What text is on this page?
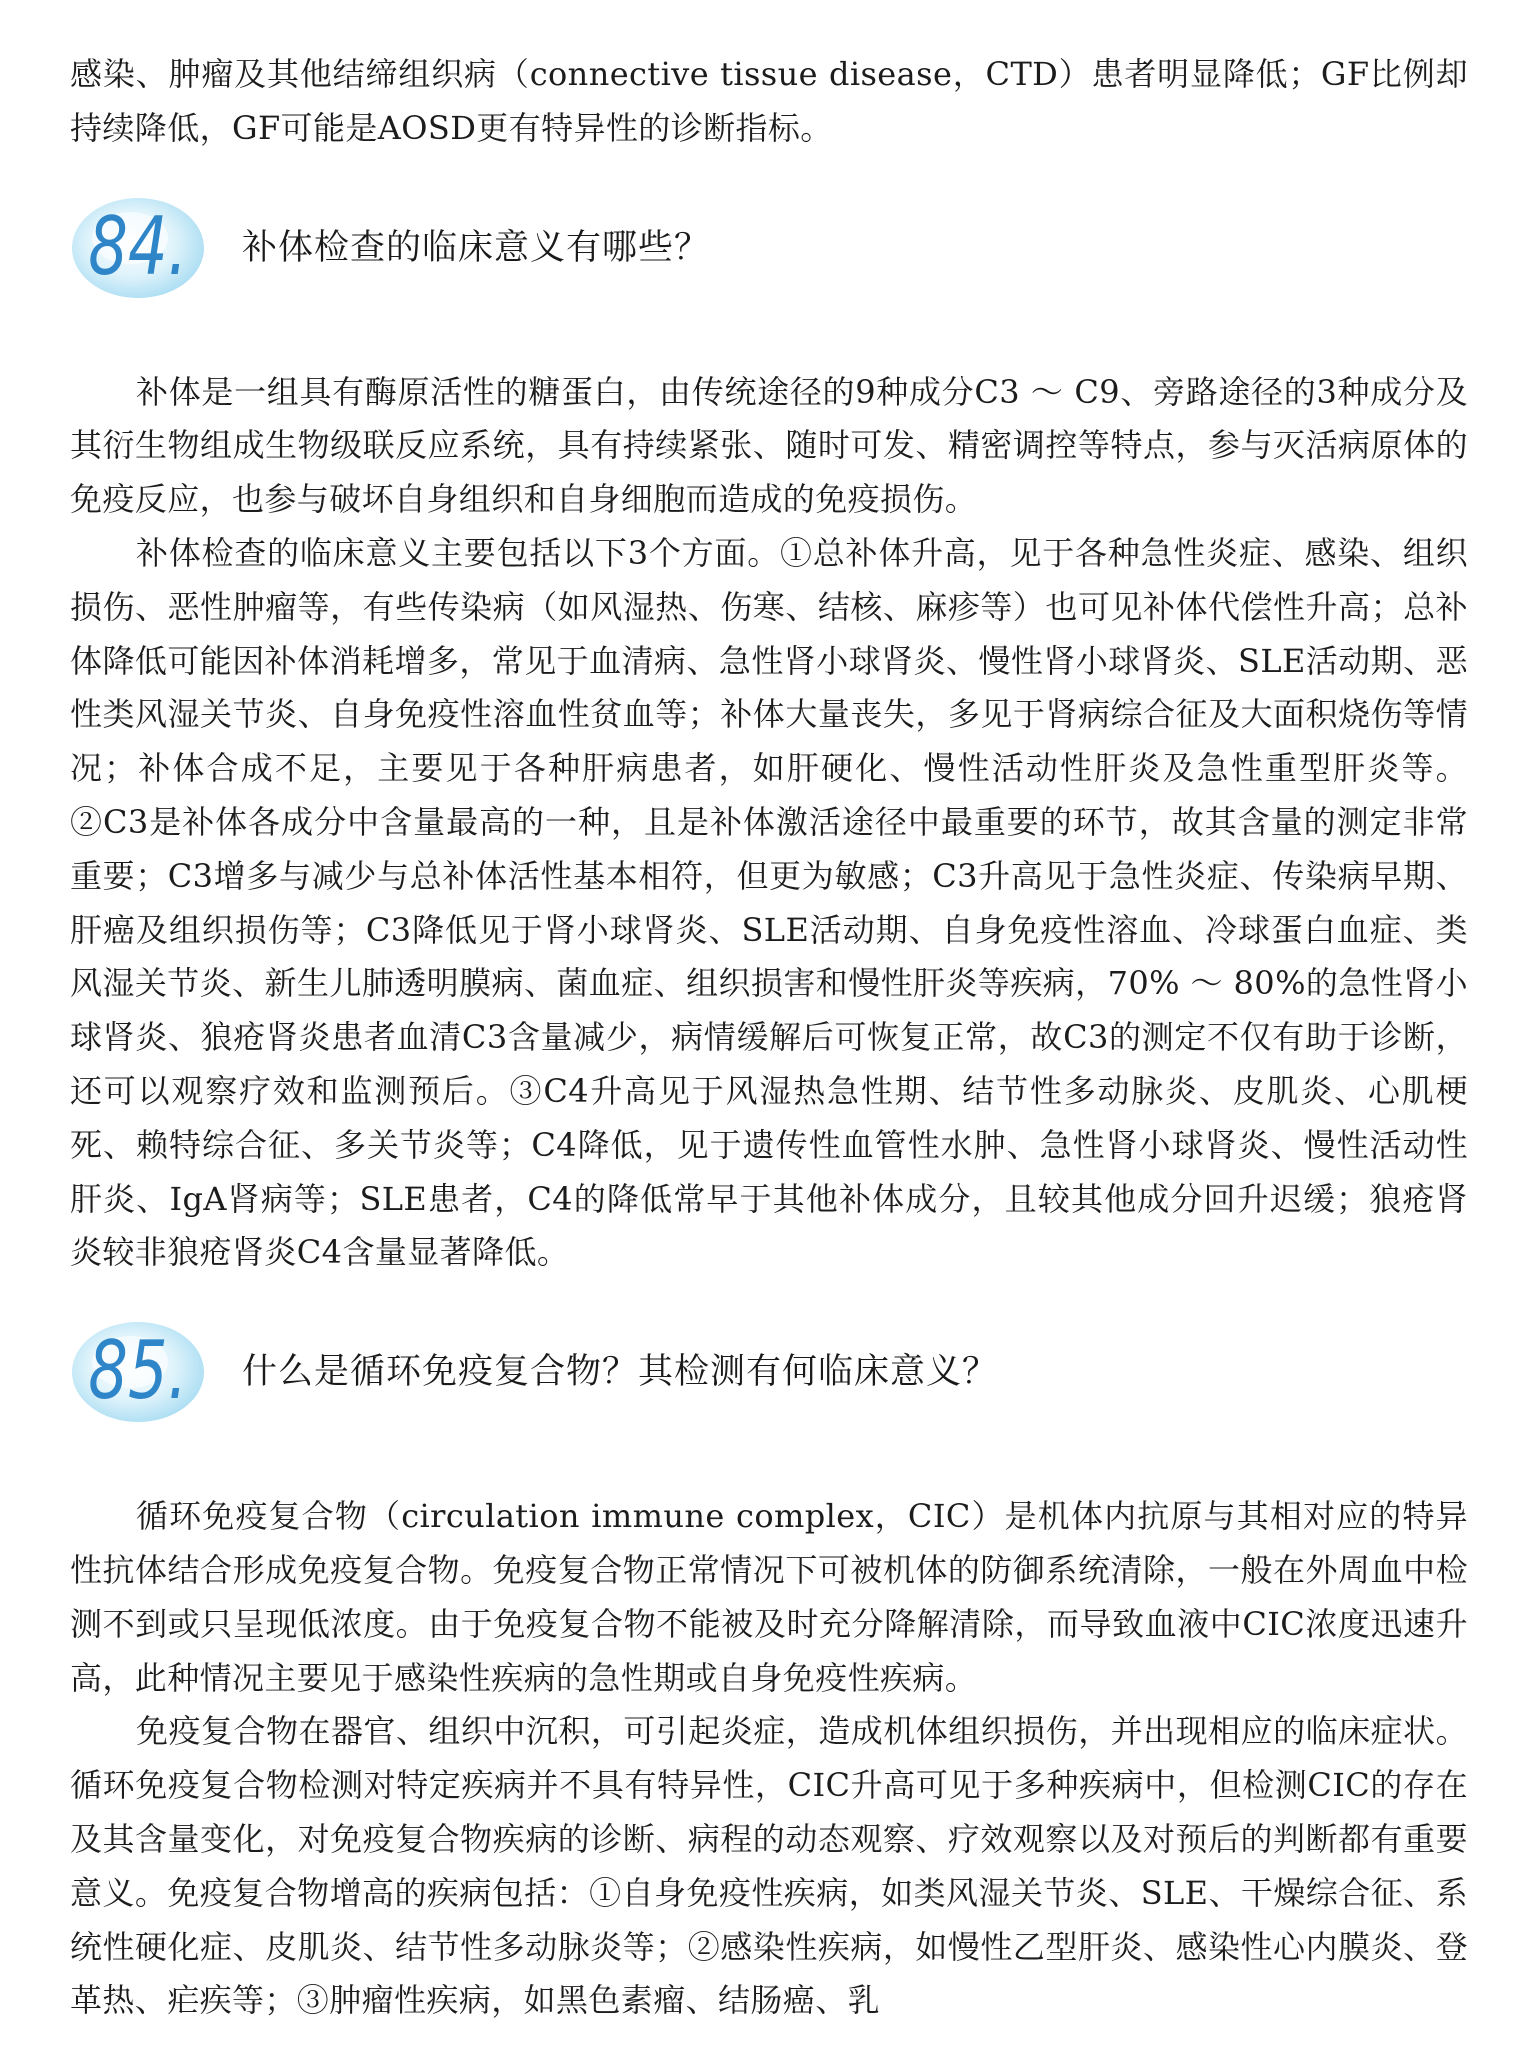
感染、肿瘤及其他结缔组织病（connective tissue disease，CTD）患者明显降低；GF比例却持续降低，GF可能是AOSD更有特异性的诊断指标。

84. 补体检查的临床意义有哪些？

补体是一组具有酶原活性的糖蛋白，由传统途径的9种成分C3 ～ C9、旁路途径的3种成分及其衍生物组成生物级联反应系统，具有持续紧张、随时可发、精密调控等特点，参与灭活病原体的免疫反应，也参与破坏自身组织和自身细胞而造成的免疫损伤。

补体检查的临床意义主要包括以下3个方面。①总补体升高，见于各种急性炎症、感染、组织损伤、恶性肿瘤等，有些传染病（如风湿热、伤寒、结核、麻疹等）也可见补体代偿性升高；总补体降低可能因补体消耗增多，常见于血清病、急性肾小球肾炎、慢性肾小球肾炎、SLE活动期、恶性类风湿关节炎、自身免疫性溶血性贫血等；补体大量丧失，多见于肾病综合征及大面积烧伤等情况；补体合成不足，主要见于各种肝病患者，如肝硬化、慢性活动性肝炎及急性重型肝炎等。②C3是补体各成分中含量最高的一种，且是补体激活途径中最重要的环节，故其含量的测定非常重要；C3增多与减少与总补体活性基本相符，但更为敏感；C3升高见于急性炎症、传染病早期、肝癌及组织损伤等；C3降低见于肾小球肾炎、SLE活动期、自身免疫性溶血、冷球蛋白血症、类风湿关节炎、新生儿肺透明膜病、菌血症、组织损害和慢性肝炎等疾病，70% ～ 80%的急性肾小球肾炎、狼疮肾炎患者血清C3含量减少，病情缓解后可恢复正常，故C3的测定不仅有助于诊断，还可以观察疗效和监测预后。③C4升高见于风湿热急性期、结节性多动脉炎、皮肌炎、心肌梗死、赖特综合征、多关节炎等；C4降低，见于遗传性血管性水肿、急性肾小球肾炎、慢性活动性肝炎、IgA肾病等；SLE患者，C4的降低常早于其他补体成分，且较其他成分回升迟缓；狼疮肾炎较非狼疮肾炎C4含量显著降低。

85. 什么是循环免疫复合物？其检测有何临床意义？

循环免疫复合物（circulation immune complex，CIC）是机体内抗原与其相对应的特异性抗体结合形成免疫复合物。免疫复合物正常情况下可被机体的防御系统清除，一般在外周血中检测不到或只呈现低浓度。由于免疫复合物不能被及时充分降解清除，而导致血液中CIC浓度迅速升高，此种情况主要见于感染性疾病的急性期或自身免疫性疾病。

免疫复合物在器官、组织中沉积，可引起炎症，造成机体组织损伤，并出现相应的临床症状。循环免疫复合物检测对特定疾病并不具有特异性，CIC升高可见于多种疾病中，但检测CIC的存在及其含量变化，对免疫复合物疾病的诊断、病程的动态观察、疗效观察以及对预后的判断都有重要意义。免疫复合物增高的疾病包括：①自身免疫性疾病，如类风湿关节炎、SLE、干燥综合征、系统性硬化症、皮肌炎、结节性多动脉炎等；②感染性疾病，如慢性乙型肝炎、感染性心内膜炎、登革热、疟疾等；③肿瘤性疾病，如黑色素瘤、结肠癌、乳
